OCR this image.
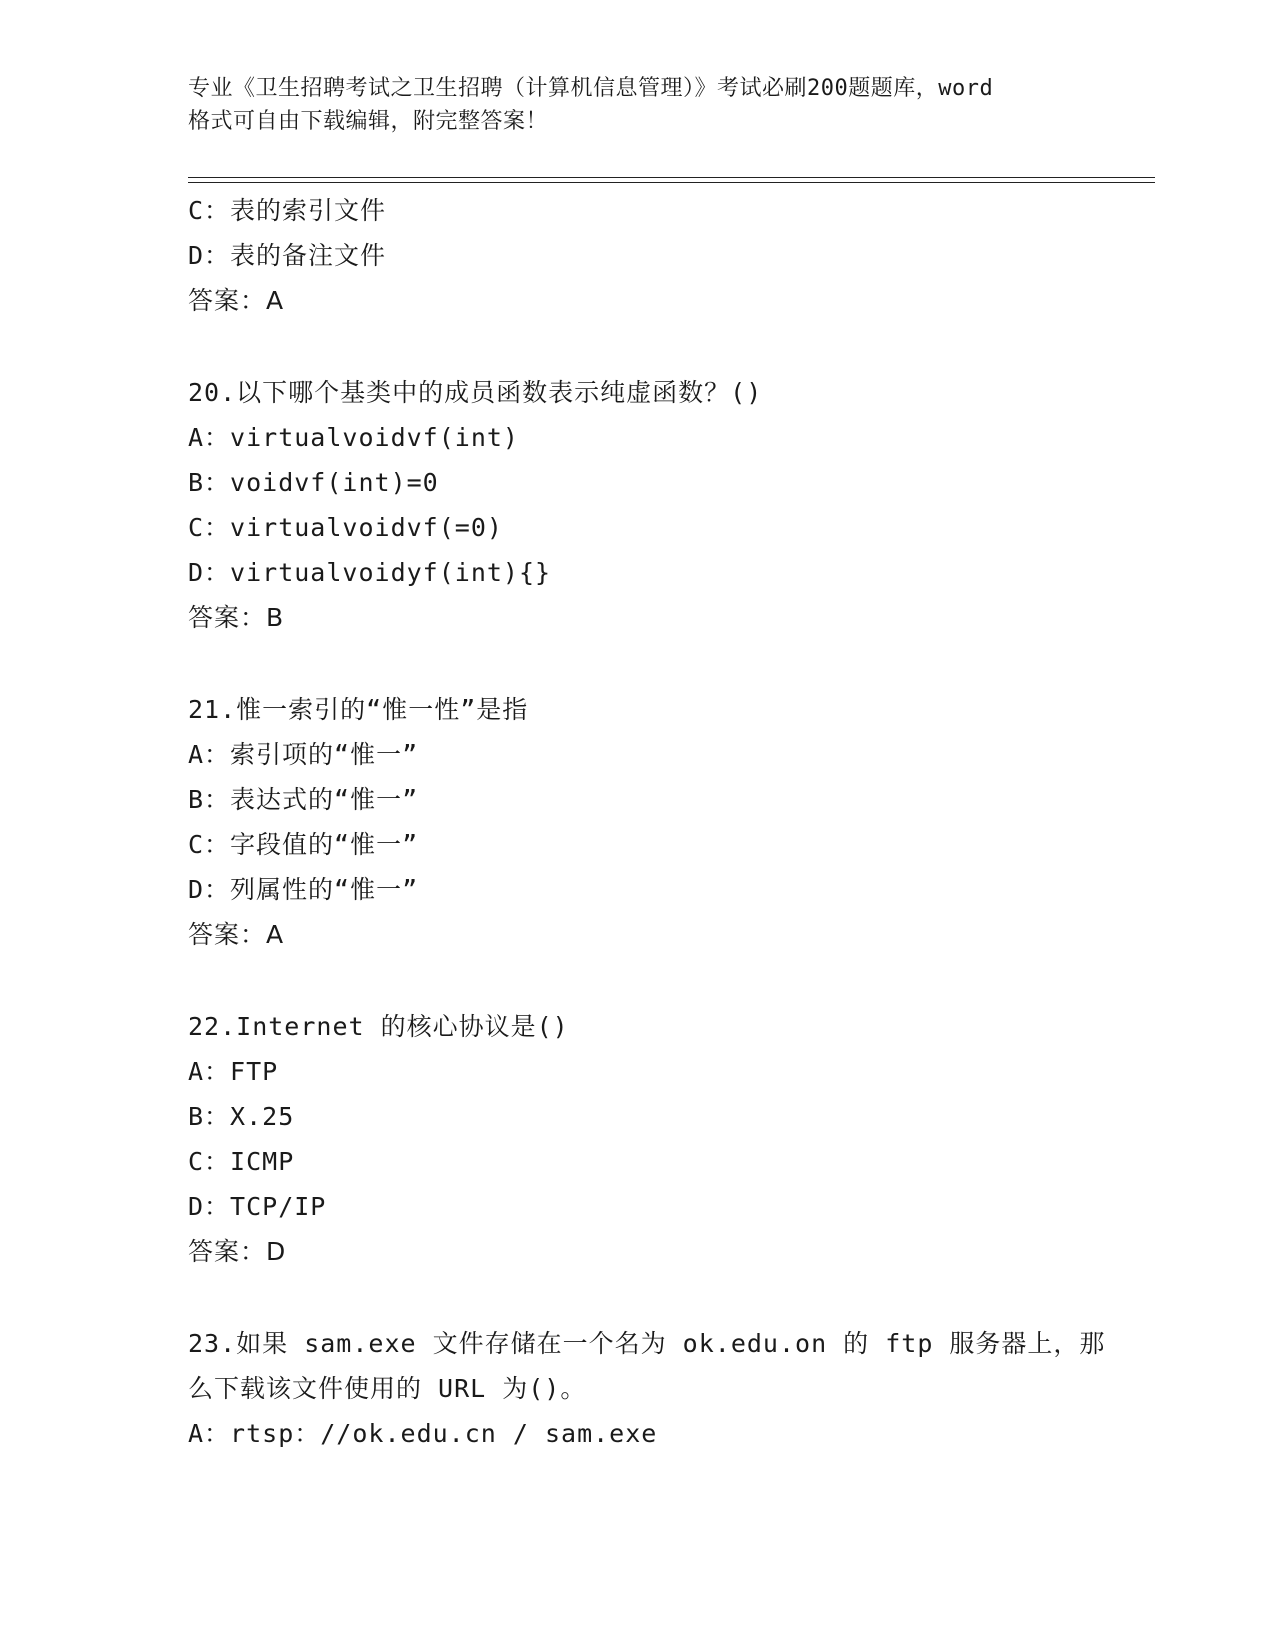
专业《卫生招聘考试之卫生招聘（计算机信息管理）》考试必刷200题题库，word
格式可自由下载编辑，附完整答案！
C：表的索引文件
D：表的备注文件
答案：A
20.以下哪个基类中的成员函数表示纯虚函数？()
A：virtualvoidvf(int)
B：voidvf(int)=0
C：virtualvoidvf(=0)
D：virtualvoidyf(int){}
答案：B
21.惟一索引的“惟一性”是指
A：索引项的“惟一”
B：表达式的“惟一”
C：字段值的“惟一”
D：列属性的“惟一”
答案：A
22.Internet 的核心协议是()
A：FTP
B：X.25
C：ICMP
D：TCP/IP
答案：D
23.如果 sam.exe 文件存储在一个名为 ok.edu.on 的 ftp 服务器上，那
么下载该文件使用的 URL 为()。
A：rtsp：//ok.edu.cn / sam.exe
